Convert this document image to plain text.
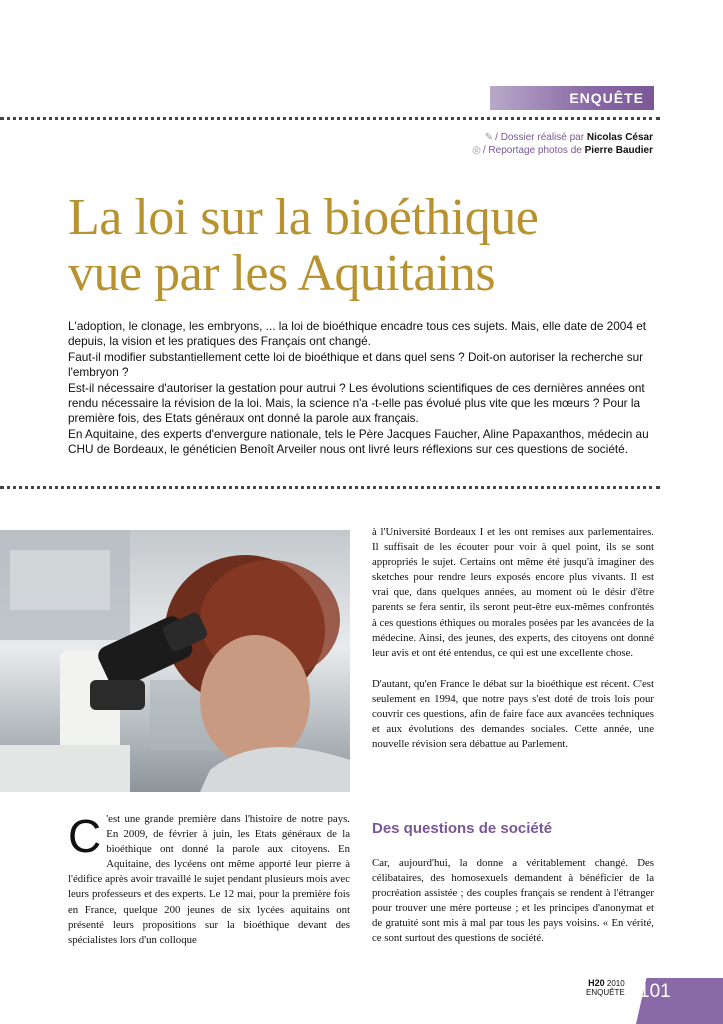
ENQUÊTE
✎ / Dossier réalisé par Nicolas César
◎ / Reportage photos de Pierre Baudier
La loi sur la bioéthique
vue par les Aquitains

L'adoption, le clonage, les embryons, ... la loi de bioéthique encadre tous ces sujets. Mais, elle date de 2004 et depuis, la vision et les pratiques des Français ont changé.

Faut-il modifier substantiellement cette loi de bioéthique et dans quel sens ? Doit-on autoriser la recherche sur l'embryon ?

Est-il nécessaire d'autoriser la gestation pour autrui ? Les évolutions scientifiques de ces dernières années ont rendu nécessaire la révision de la loi. Mais, la science n'a -t-elle pas évolué plus vite que les mœurs ? Pour la première fois, des Etats généraux ont donné la parole aux français.

En Aquitaine, des experts d'envergure nationale, tels le Père Jacques Faucher, Aline Papaxanthos, médecin au CHU de Bordeaux, le généticien Benoît Arveiler nous ont livré leurs réflexions sur ces questions de société.

C 'est une grande première dans l'histoire de notre pays. En 2009, de février à juin, les Etats généraux de la bioéthique ont donné la parole aux citoyens. En Aquitaine, des lycéens ont même apporté leur pierre à l'édifice après avoir travaillé le sujet pendant plusieurs mois avec leurs professeurs et des experts. Le 12 mai, pour la première fois en France, quelque 200 jeunes de six lycées aquitains ont présenté leurs propositions sur la bioéthique devant des spécialistes lors d'un colloque

à l'Université Bordeaux I et les ont remises aux parlementaires. Il suffisait de les écouter pour voir à quel point, ils se sont appropriés le sujet. Certains ont même été jusqu'à imaginer des sketches pour rendre leurs exposés encore plus vivants. Il est vrai que, dans quelques années, au moment où le désir d'être parents se fera sentir, ils seront peut-être eux-mêmes confrontés à ces questions éthiques ou morales posées par les avancées de la médecine. Ainsi, des jeunes, des experts, des citoyens ont donné leur avis et ont été entendus, ce qui est une excellente chose.

D'autant, qu'en France le débat sur la bioéthique est récent. C'est seulement en 1994, que notre pays s'est doté de trois lois pour couvrir ces questions, afin de faire face aux avancées techniques et aux évolutions des demandes sociales. Cette année, une nouvelle révision sera débattue au Parlement.

Des questions de société

Car, aujourd'hui, la donne a véritablement changé. Des célibataires, des homosexuels demandent à bénéficier de la procréation assistée ; des couples français se rendent à l'étranger pour trouver une mère porteuse ; et les principes d'anonymat et de gratuité sont mis à mal par tous les pays voisins. « En vérité, ce sont surtout des questions de société.

H20 2010
ENQUÊTE 101
